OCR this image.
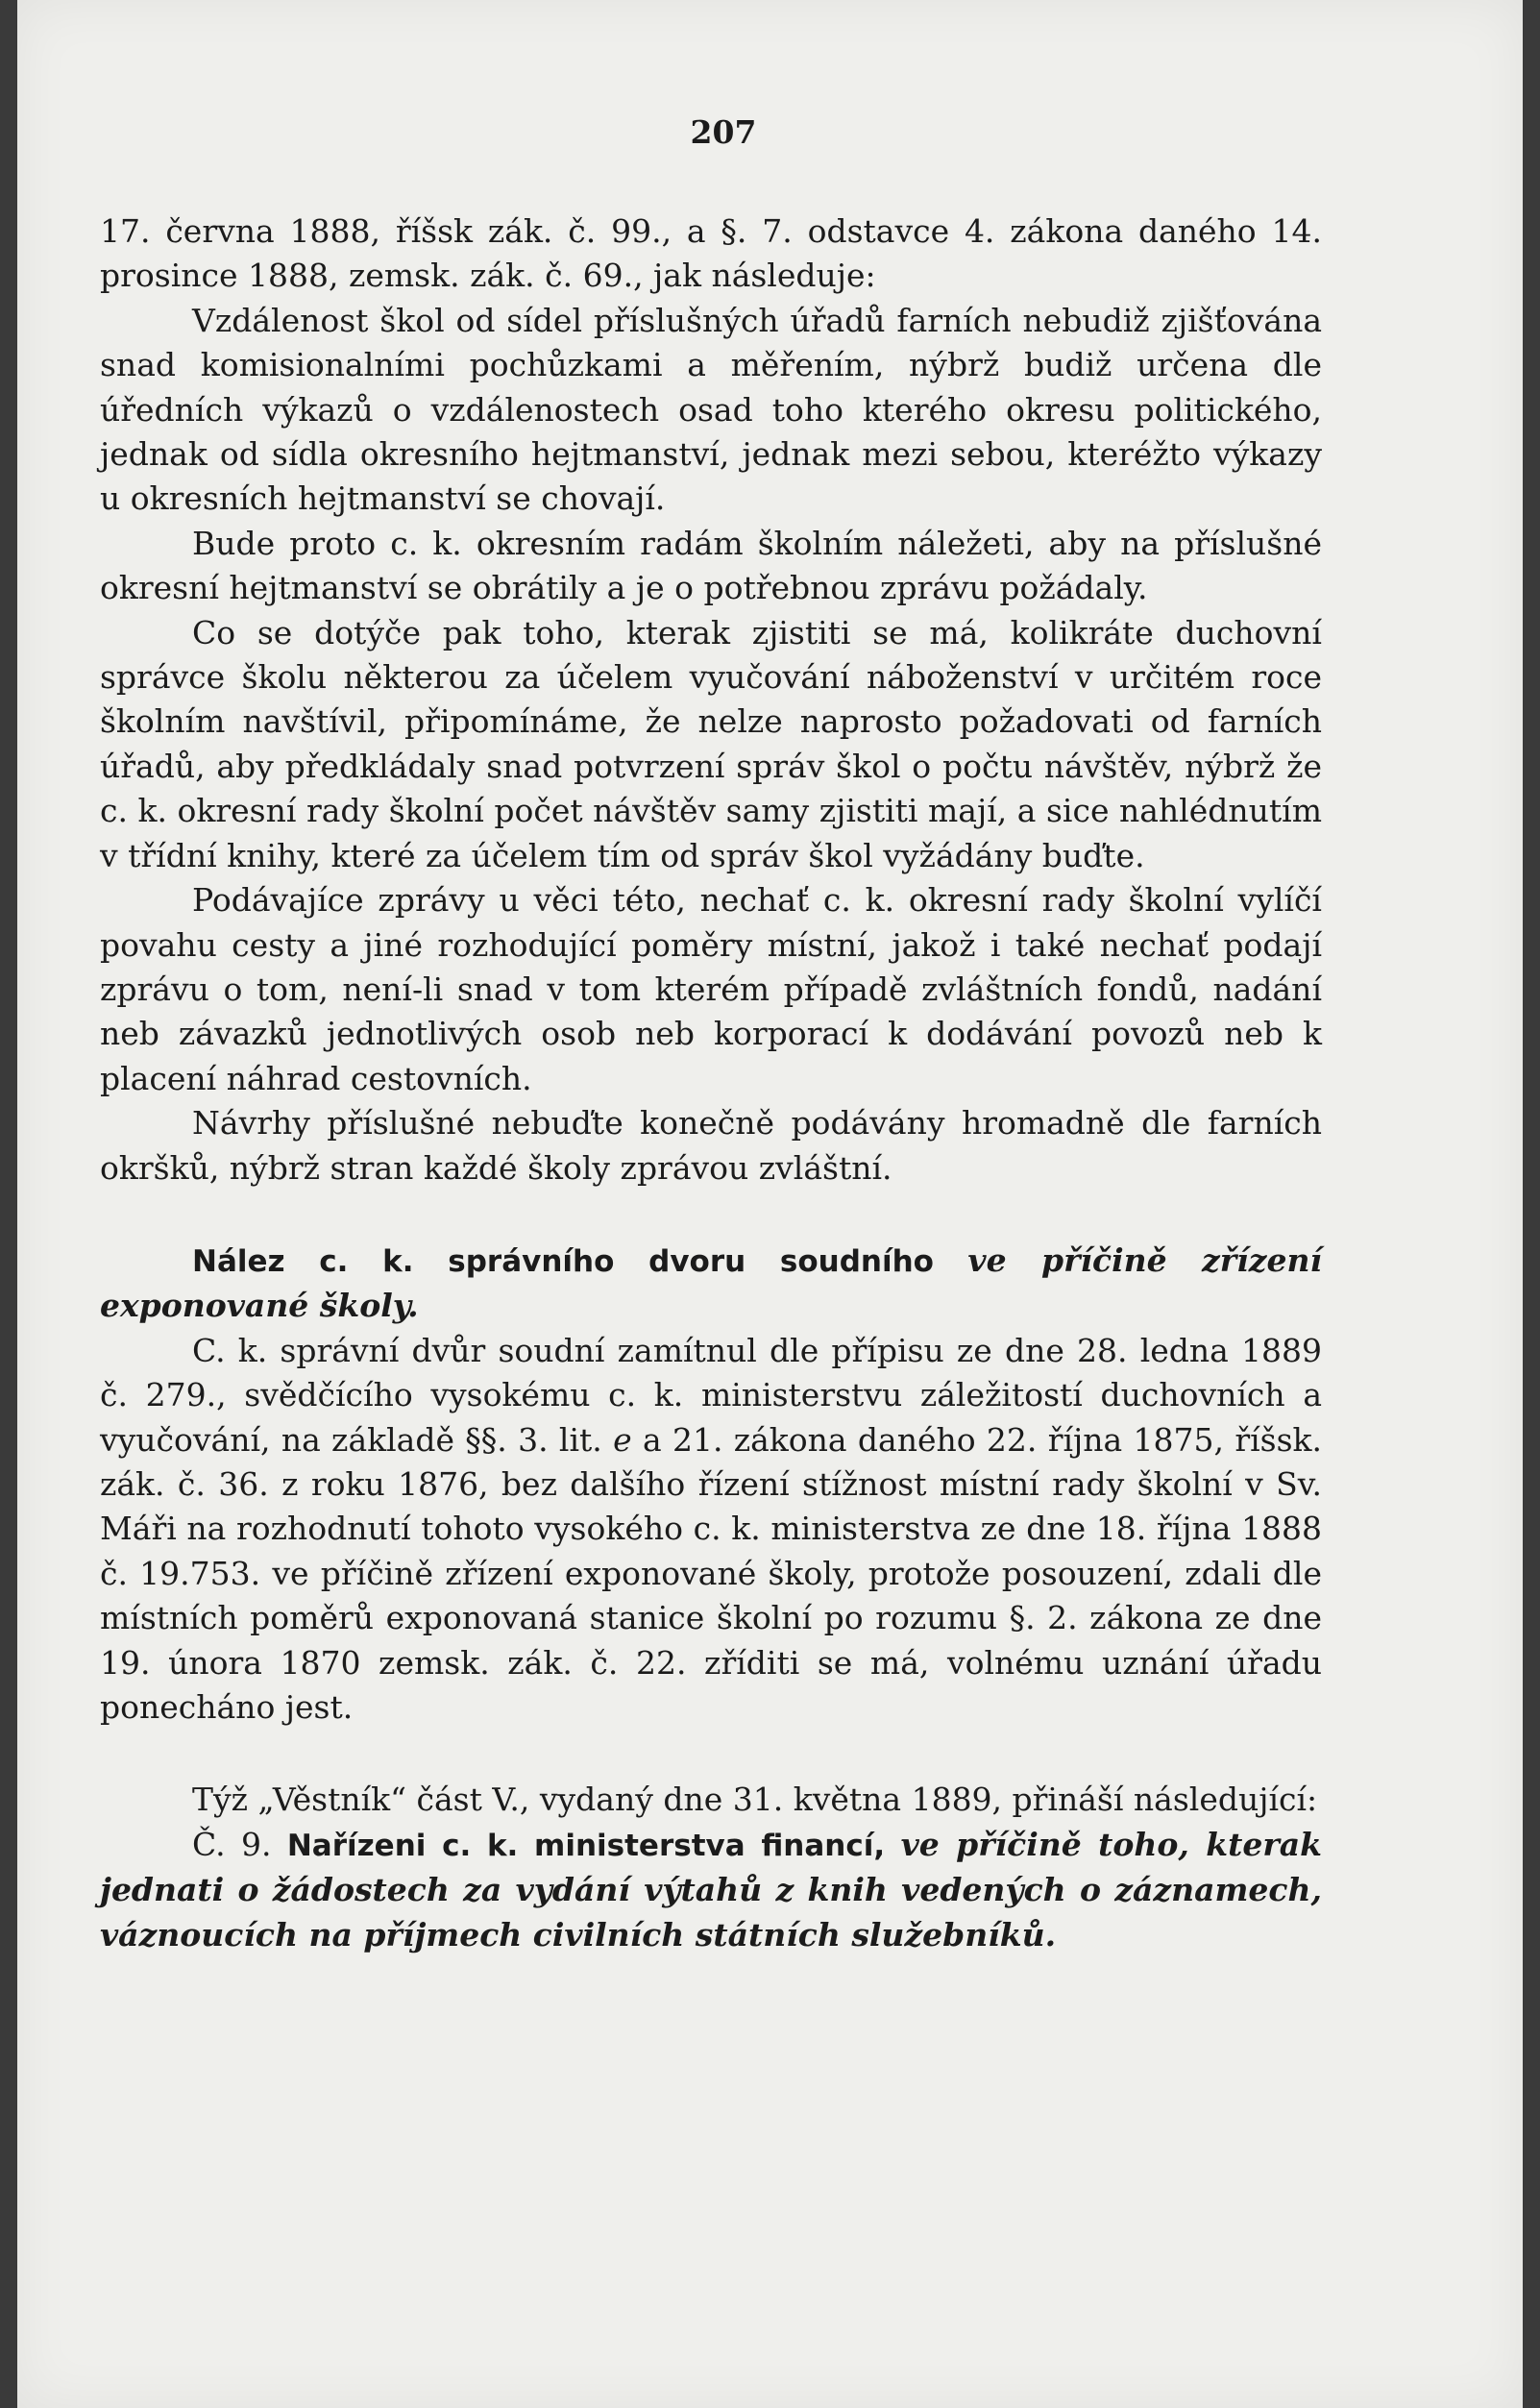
207

17. června 1888, říšsk zák. č. 99., a §. 7. odstavce 4. zákona daného 14. prosince 1888, zemsk. zák. č. 69., jak následuje:

Vzdálenost škol od sídel příslušných úřadů farních nebudiž zjišťována snad komisionalními pochůzkami a měřením, nýbrž budiž určena dle úředních výkazů o vzdálenostech osad toho kterého okresu politického, jednak od sídla okresního hejtmanství, jednak mezi sebou, kteréžto výkazy u okresních hejtmanství se chovají.

Bude proto c. k. okresním radám školním náležeti, aby na příslušné okresní hejtmanství se obrátily a je o potřebnou zprávu požádaly.

Co se dotýče pak toho, kterak zjistiti se má, kolikráte duchovní správce školu některou za účelem vyučování náboženství v určitém roce školním navštívil, připomínáme, že nelze naprosto požadovati od farních úřadů, aby předkládaly snad potvrzení správ škol o počtu návštěv, nýbrž že c. k. okresní rady školní počet návštěv samy zjistiti mají, a sice nahlédnutím v třídní knihy, které za účelem tím od správ škol vyžádány buďte.

Podávajíce zprávy u věci této, nechať c. k. okresní rady školní vylíčí povahu cesty a jiné rozhodující poměry místní, jakož i také nechať podají zprávu o tom, není-li snad v tom kterém případě zvláštních fondů, nadání neb závazků jednotlivých osob neb korporací k dodávání povozů neb k placení náhrad cestovních.

Návrhy příslušné nebuďte konečně podávány hromadně dle farních okršků, nýbrž stran každé školy zprávou zvláštní.

Nález c. k. správního dvoru soudního ve příčině zřízení exponované školy.

C. k. správní dvůr soudní zamítnul dle přípisu ze dne 28. ledna 1889 č. 279., svědčícího vysokému c. k. ministerstvu záležitostí duchovních a vyučování, na základě §§. 3. lit. e a 21. zákona daného 22. října 1875, říšsk. zák. č. 36. z roku 1876, bez dalšího řízení stížnost místní rady školní v Sv. Máři na rozhodnutí tohoto vysokého c. k. ministerstva ze dne 18. října 1888 č. 19.753. ve příčině zřízení exponované školy, protože posouzení, zdali dle místních poměrů exponovaná stanice školní po rozumu §. 2. zákona ze dne 19. února 1870 zemsk. zák. č. 22. zříditi se má, volnému uznání úřadu ponecháno jest.

Týž „Věstník“ část V., vydaný dne 31. května 1889, přináší následující:

Č. 9. Nařízeni c. k. ministerstva financí, ve příčině toho, kterak jednati o žádostech za vydání výtahů z knih vedených o záznamech, váznoucích na příjmech civilních státních služebníků.
